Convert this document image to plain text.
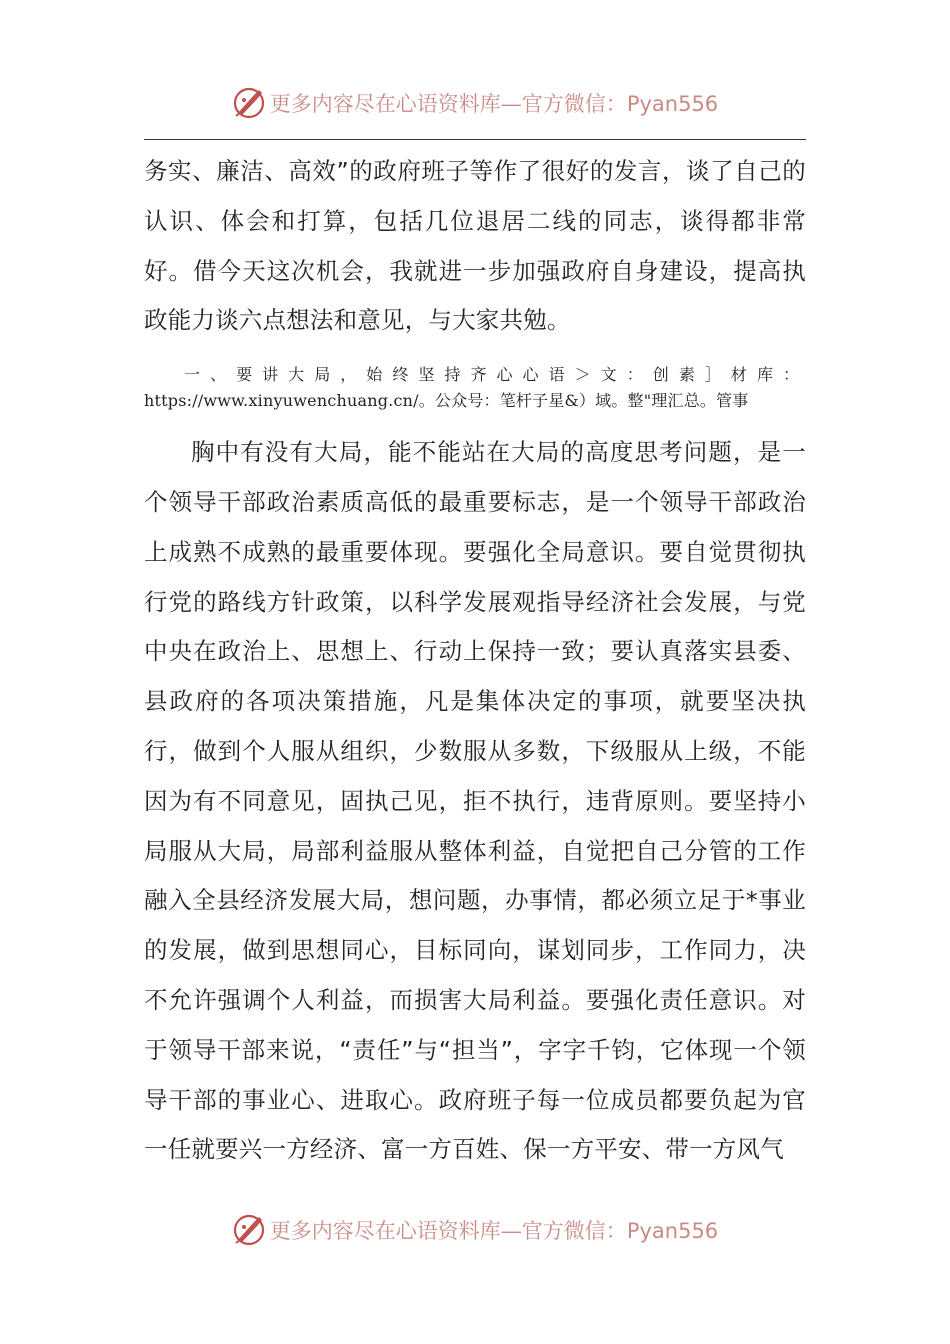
更多内容尽在心语资料库—官方微信：Pyan556

务实、廉洁、高效”的政府班子等作了很好的发言，谈了自己的认识、体会和打算，包括几位退居二线的同志，谈得都非常好。借今天这次机会，我就进一步加强政府自身建设，提高执政能力谈六点想法和意见，与大家共勉。

一、要讲大局，始终坚持齐心心语＞文：创素］材库： https://www.xinyuwenchuang.cn/。公众号：笔杆子星&）域。整"理汇总。管事

胸中有没有大局，能不能站在大局的高度思考问题，是一个领导干部政治素质高低的最重要标志，是一个领导干部政治上成熟不成熟的最重要体现。要强化全局意识。要自觉贯彻执行党的路线方针政策，以科学发展观指导经济社会发展，与党中央在政治上、思想上、行动上保持一致；要认真落实县委、县政府的各项决策措施，凡是集体决定的事项，就要坚决执行，做到个人服从组织，少数服从多数，下级服从上级，不能因为有不同意见，固执己见，拒不执行，违背原则。要坚持小局服从大局，局部利益服从整体利益，自觉把自己分管的工作融入全县经济发展大局，想问题，办事情，都必须立足于*事业的发展，做到思想同心，目标同向，谋划同步，工作同力，决不允许强调个人利益，而损害大局利益。要强化责任意识。对于领导干部来说，“责任”与“担当”，字字千钧，它体现一个领导干部的事业心、进取心。政府班子每一位成员都要负起为官一任就要兴一方经济、富一方百姓、保一方平安、带一方风气

更多内容尽在心语资料库—官方微信：Pyan556
